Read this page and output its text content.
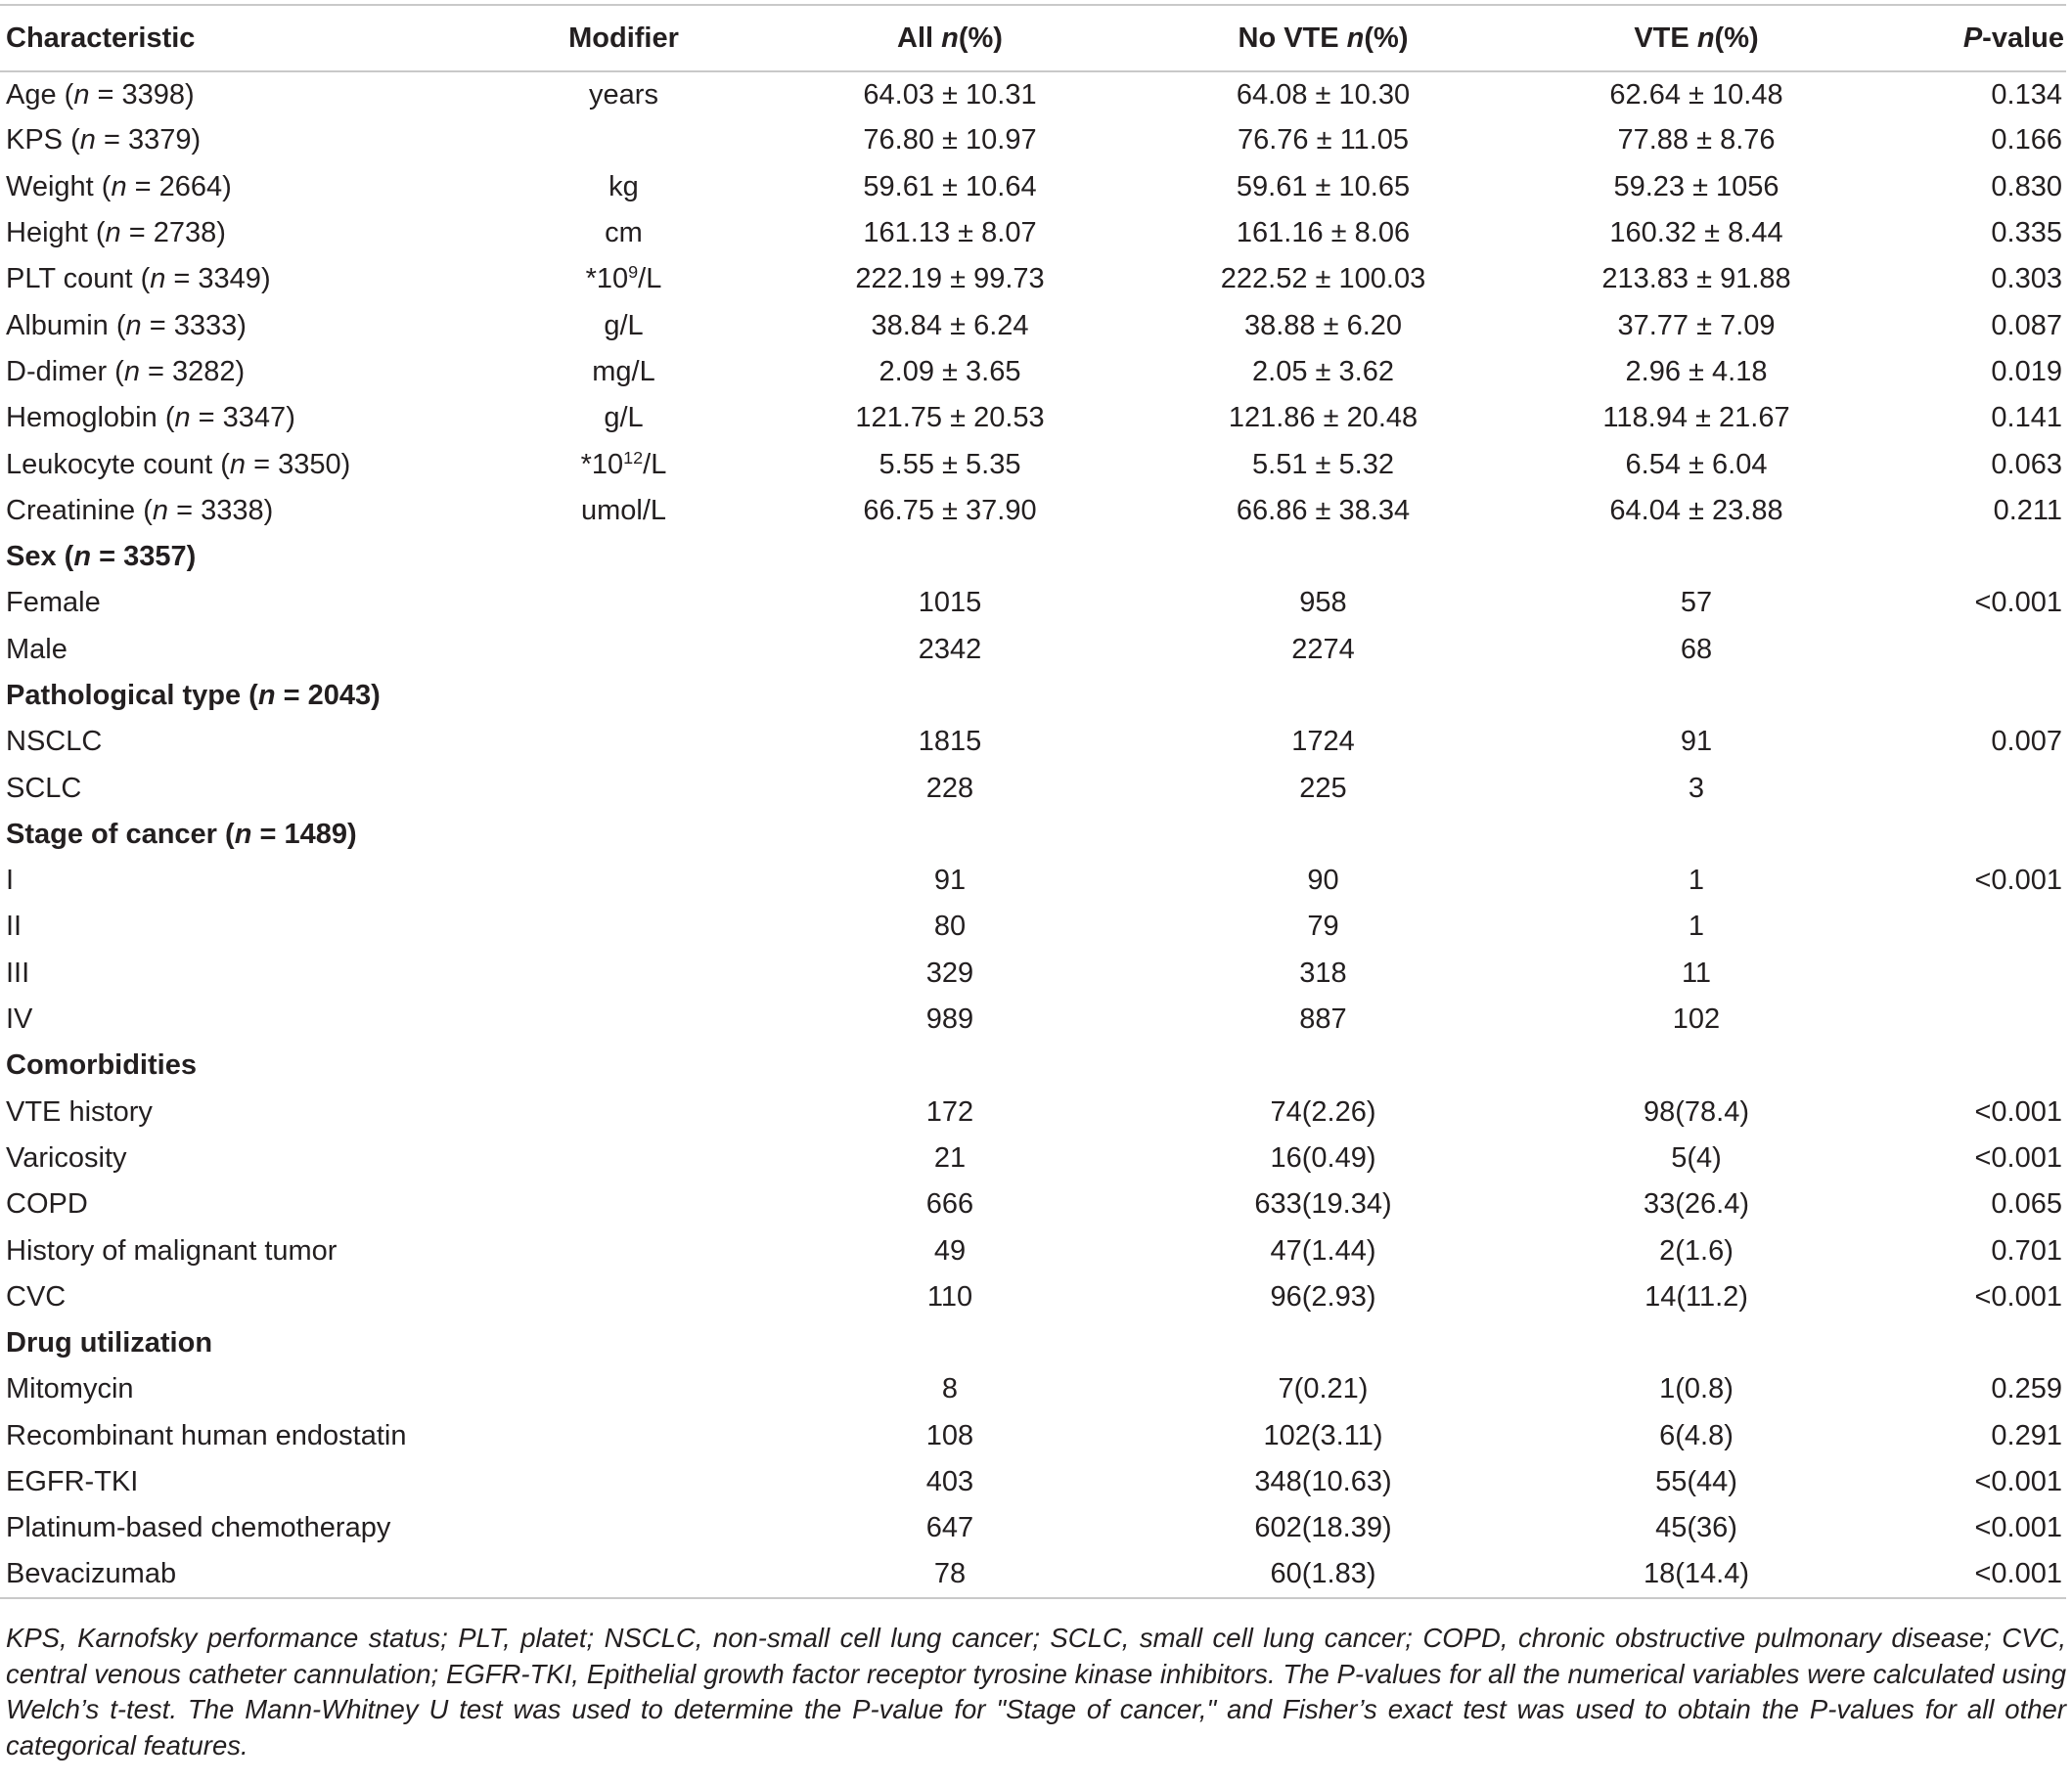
Characteristic	Modifier	All n(%)	No VTE n(%)	VTE n(%)	P-value
Age (n = 3398)	years	64.03 ± 10.31	64.08 ± 10.30	62.64 ± 10.48	0.134
KPS (n = 3379)		76.80 ± 10.97	76.76 ± 11.05	77.88 ± 8.76	0.166
Weight (n = 2664)	kg	59.61 ± 10.64	59.61 ± 10.65	59.23 ± 1056	0.830
Height (n = 2738)	cm	161.13 ± 8.07	161.16 ± 8.06	160.32 ± 8.44	0.335
PLT count (n = 3349)	$*10^9/L$	222.19 ± 99.73	222.52 ± 100.03	213.83 ± 91.88	0.303
Albumin (n = 3333)	g/L	38.84 ± 6.24	38.88 ± 6.20	37.77 ± 7.09	0.087
D-dimer (n = 3282)	mg/L	2.09 ± 3.65	2.05 ± 3.62	2.96 ± 4.18	0.019
Hemoglobin (n = 3347)	g/L	121.75 ± 20.53	121.86 ± 20.48	118.94 ± 21.67	0.141
Leukocyte count (n = 3350)	$*10^{12}/L$	5.55 ± 5.35	5.51 ± 5.32	6.54 ± 6.04	0.063
Creatinine (n = 3338)	umol/L	66.75 ± 37.90	66.86 ± 38.34	64.04 ± 23.88	0.211
Sex (n = 3357)					
Female		1015	958	57	<0.001
Male		2342	2274	68	
Pathological type (n = 2043)					
NSCLC		1815	1724	91	0.007
SCLC		228	225	3	
Stage of cancer (n = 1489)					
I		91	90	1	<0.001
II		80	79	1	
III		329	318	11	
IV		989	887	102	
Comorbidities					
VTE history		172	74(2.26)	98(78.4)	<0.001
Varicosity		21	16(0.49)	5(4)	<0.001
COPD		666	633(19.34)	33(26.4)	0.065
History of malignant tumor		49	47(1.44)	2(1.6)	0.701
CVC		110	96(2.93)	14(11.2)	<0.001
Drug utilization					
Mitomycin		8	7(0.21)	1(0.8)	0.259
Recombinant human endostatin		108	102(3.11)	6(4.8)	0.291
EGFR-TKI		403	348(10.63)	55(44)	<0.001
Platinum-based chemotherapy		647	602(18.39)	45(36)	<0.001
Bevacizumab		78	60(1.83)	18(14.4)	<0.001
KPS, Karnofsky performance status; PLT, platet; NSCLC, non-small cell lung cancer; SCLC, small cell lung cancer; COPD, chronic obstructive pulmonary disease; CVC, central venous catheter cannulation; EGFR-TKI, Epithelial growth factor receptor tyrosine kinase inhibitors. The P-values for all the numerical variables were calculated using Welch’s t-test. The Mann-Whitney U test was used to determine the P-value for "Stage of cancer," and Fisher’s exact test was used to obtain the P-values for all other categorical features.
